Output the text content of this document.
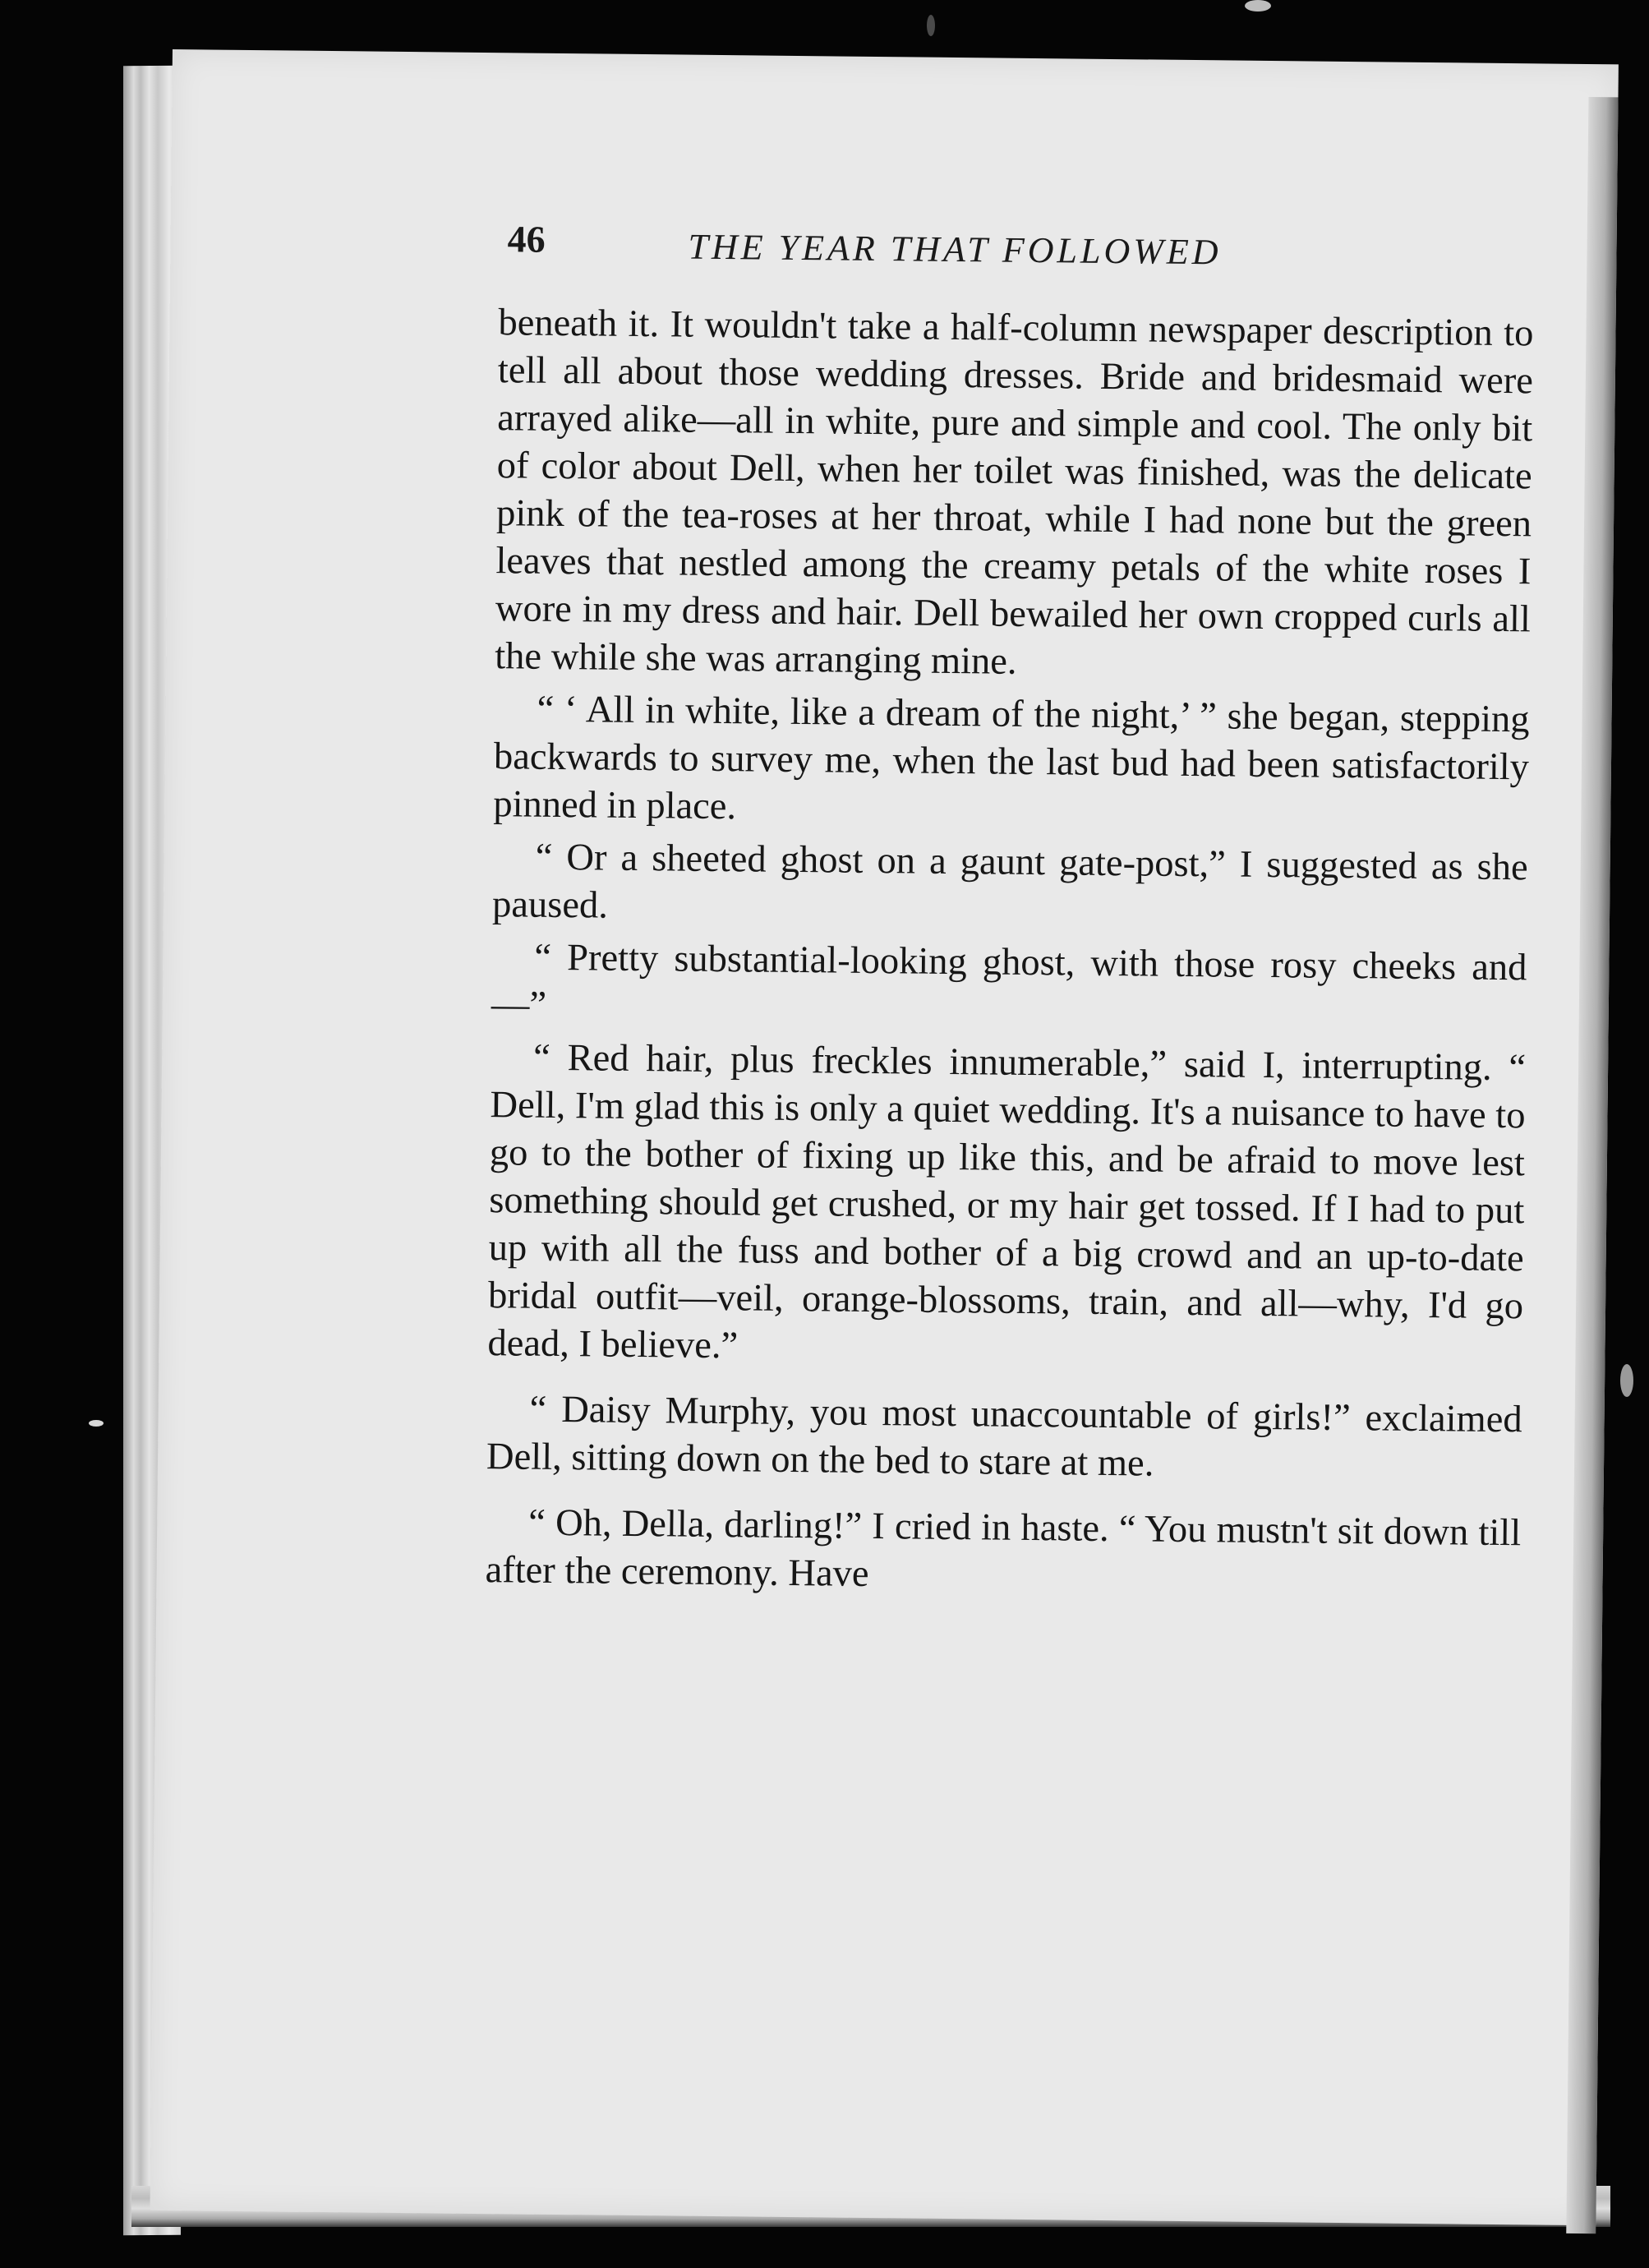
46	THE YEAR THAT FOLLOWED

beneath it. It wouldn't take a half-column newspaper description to tell all about those wedding dresses. Bride and bridesmaid were arrayed alike—all in white, pure and simple and cool. The only bit of color about Dell, when her toilet was finished, was the delicate pink of the tea-roses at her throat, while I had none but the green leaves that nestled among the creamy petals of the white roses I wore in my dress and hair. Dell bewailed her own cropped curls all the while she was arranging mine.

“ ‘ All in white, like a dream of the night,’ ” she began, stepping backwards to survey me, when the last bud had been satisfactorily pinned in place.

“ Or a sheeted ghost on a gaunt gate-post,” I suggested as she paused.

“ Pretty substantial-looking ghost, with those rosy cheeks and—”

“ Red hair, plus freckles innumerable,” said I, interrupting. “ Dell, I'm glad this is only a quiet wedding. It's a nuisance to have to go to the bother of fixing up like this, and be afraid to move lest something should get crushed, or my hair get tossed. If I had to put up with all the fuss and bother of a big crowd and an up-to-date bridal outfit—veil, orange-blossoms, train, and all—why, I'd go dead, I believe.”

“ Daisy Murphy, you most unaccountable of girls!” exclaimed Dell, sitting down on the bed to stare at me.

“ Oh, Della, darling!” I cried in haste. “ You mustn't sit down till after the ceremony. Have
